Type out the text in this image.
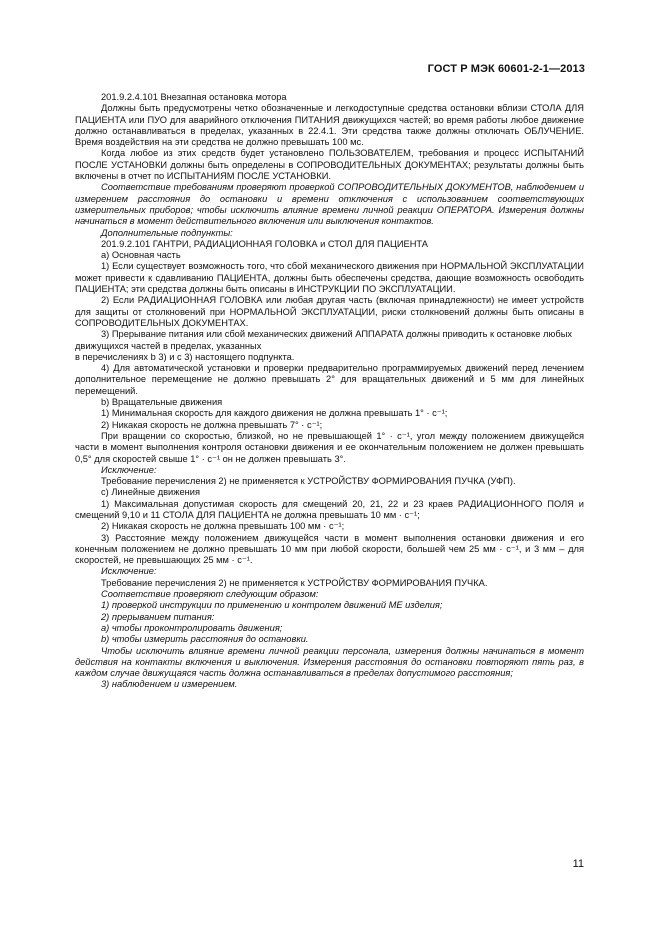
ГОСТ Р МЭК 60601-2-1—2013

201.9.2.4.101 Внезапная остановка мотора

Должны быть предусмотрены четко обозначенные и легкодоступные средства остановки вблизи СТОЛА ДЛЯ ПАЦИЕНТА или ПУО для аварийного отключения ПИТАНИЯ движущихся частей; во время работы любое движение должно останавливаться в пределах, указанных в 22.4.1. Эти средства также должны отключать ОБЛУЧЕНИЕ. Время воздействия на эти средства не должно превышать 100 мс.

Когда любое из этих средств будет установлено ПОЛЬЗОВАТЕЛЕМ, требования и процесс ИСПЫТАНИЙ ПОСЛЕ УСТАНОВКИ должны быть определены в СОПРОВОДИТЕЛЬНЫХ ДОКУМЕНТАХ; результаты должны быть включены в отчет по ИСПЫТАНИЯМ ПОСЛЕ УСТАНОВКИ.

Соответствие требованиям проверяют проверкой СОПРОВОДИТЕЛЬНЫХ ДОКУМЕНТОВ, наблюдением и измерением расстояния до остановки и времени отключения с использованием соответствующих измерительных приборов; чтобы исключить влияние времени личной реакции ОПЕРАТОРА. Измерения должны начинаться в момент действительного включения или выключения контактов.

Дополнительные подпункты:

201.9.2.101 ГАНТРИ, РАДИАЦИОННАЯ ГОЛОВКА и СТОЛ ДЛЯ ПАЦИЕНТА

а) Основная часть

1) Если существует возможность того, что сбой механического движения при НОРМАЛЬНОЙ ЭКСПЛУАТАЦИИ может привести к сдавливанию ПАЦИЕНТА, должны быть обеспечены средства, дающие возможность освободить ПАЦИЕНТА; эти средства должны быть описаны в ИНСТРУКЦИИ ПО ЭКСПЛУАТАЦИИ.

2) Если РАДИАЦИОННАЯ ГОЛОВКА или любая другая часть (включая принадлежности) не имеет устройств для защиты от столкновений при НОРМАЛЬНОЙ ЭКСПЛУАТАЦИИ, риски столкновений должны быть описаны в СОПРОВОДИТЕЛЬНЫХ ДОКУМЕНТАХ.

3) Прерывание питания или сбой механических движений АППАРАТА должны приводить к остановке любых движущихся частей в пределах, указанных

в перечислениях b 3) и с 3) настоящего подпункта.

4) Для автоматической установки и проверки предварительно программируемых движений перед лечением дополнительное перемещение не должно превышать 2° для вращательных движений и 5 мм для линейных перемещений.

b) Вращательные движения

1) Минимальная скорость для каждого движения не должна превышать 1° · с⁻¹;

2) Никакая скорость не должна превышать 7° · с⁻¹;

При вращении со скоростью, близкой, но не превышающей 1° · с⁻¹, угол между положением движущейся части в момент выполнения контроля остановки движения и ее окончательным положением не должен превышать 0,5° для скоростей свыше 1° · с⁻¹ он не должен превышать 3°.

Исключение:

Требование перечисления 2) не применяется к УСТРОЙСТВУ ФОРМИРОВАНИЯ ПУЧКА (УФП).

с) Линейные движения

1) Максимальная допустимая скорость для смещений 20, 21, 22 и 23 краев РАДИАЦИОННОГО ПОЛЯ и смещений 9,10 и 11 СТОЛА ДЛЯ ПАЦИЕНТА не должна превышать 10 мм · с⁻¹;

2) Никакая скорость не должна превышать 100 мм · с⁻¹;

3) Расстояние между положением движущейся части в момент выполнения остановки движения и его конечным положением не должно превышать 10 мм при любой скорости, большей чем 25 мм · с⁻¹, и 3 мм – для скоростей, не превышающих 25 мм · с⁻¹.

Исключение:

Требование перечисления 2) не применяется к УСТРОЙСТВУ ФОРМИРОВАНИЯ ПУЧКА.

Соответствие проверяют следующим образом:

1) проверкой инструкции по применению и контролем движений МЕ изделия;

2) прерыванием питания:

а) чтобы проконтролировать движения;

b) чтобы измерить расстояния до остановки.

Чтобы исключить влияние времени личной реакции персонала, измерения должны начинаться в момент действия на контакты включения и выключения. Измерения расстояния до остановки повторяют пять раз, в каждом случае движущаяся часть должна останавливаться в пределах допустимого расстояния;

3) наблюдением и измерением.

11
